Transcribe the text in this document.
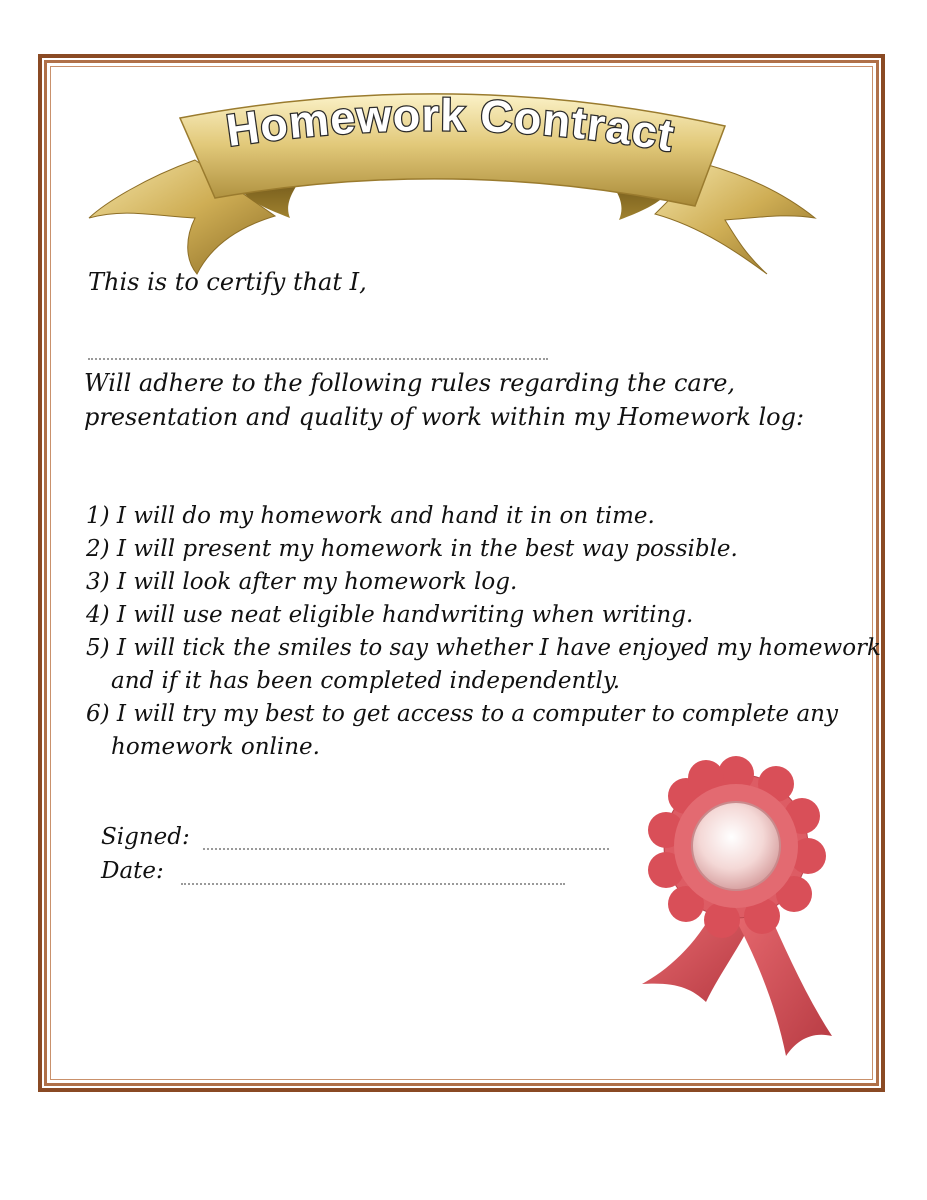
Homework Contract
This is to certify that I,
Will adhere to the following rules regarding the care, presentation and quality of work within my Homework log:
1) I will do my homework and hand it in on time.
2) I will present my homework in the best way possible.
3) I will look after my homework log.
4) I will use neat eligible handwriting when writing.
5) I will tick the smiles to say whether I have enjoyed my homework and if it has been completed independently.
6) I will try my best to get access to a computer to complete any homework online.
Signed:
Date:
